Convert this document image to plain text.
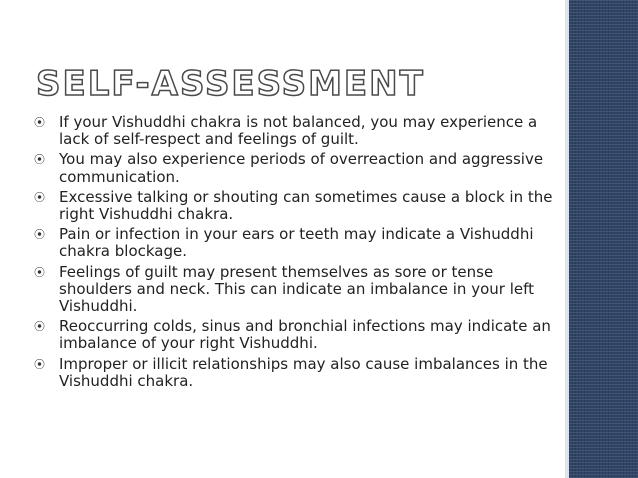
SELF-ASSESSMENT
⦿ If your Vishuddhi chakra is not balanced, you may experience a lack of self-respect and feelings of guilt.
⦿ You may also experience periods of overreaction and aggressive communication.
⦿ Excessive talking or shouting can sometimes cause a block in the right Vishuddhi chakra.
⦿ Pain or infection in your ears or teeth may indicate a Vishuddhi chakra blockage.
⦿ Feelings of guilt may present themselves as sore or tense shoulders and neck. This can indicate an imbalance in your left Vishuddhi.
⦿ Reoccurring colds, sinus and bronchial infections may indicate an imbalance of your right Vishuddhi.
⦿ Improper or illicit relationships may also cause imbalances in the Vishuddhi chakra.
